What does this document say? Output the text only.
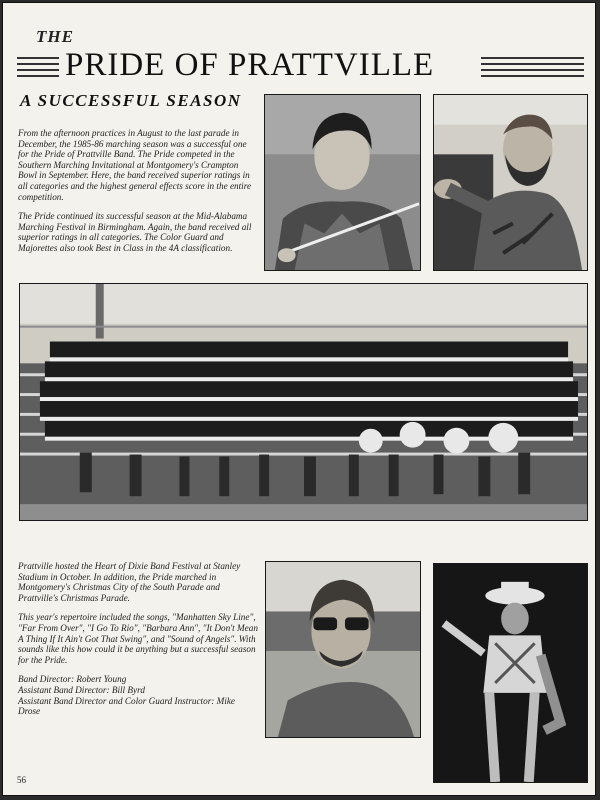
THE
PRIDE OF PRATTVILLE
A SUCCESSFUL SEASON

From the afternoon practices in August to the last parade in December, the 1985-86 marching season was a successful one for the Pride of Prattville Band. The Pride competed in the Southern Marching Invitational at Montgomery's Crampton Bowl in September. Here, the band received superior ratings in all categories and the highest general effects score in the entire competition.

The Pride continued its successful season at the Mid-Alabama Marching Festival in Birmingham. Again, the band received all superior ratings in all categories. The Color Guard and Majorettes also took Best in Class in the 4A classification.

Prattville hosted the Heart of Dixie Band Festival at Stanley Stadium in October. In addition, the Pride marched in Montgomery's Christmas City of the South Parade and Prattville's Christmas Parade.

This year's repertoire included the songs, "Manhatten Sky Line", "Far From Over", "I Go To Rio", "Barbara Ann", "It Don't Mean A Thing If It Ain't Got That Swing", and "Sound of Angels". With sounds like this how could it be anything but a successful season for the Pride.

Band Director: Robert Young
Assistant Band Director: Bill Byrd
Assistant Band Director and Color Guard Instructor: Mike Drose
56
